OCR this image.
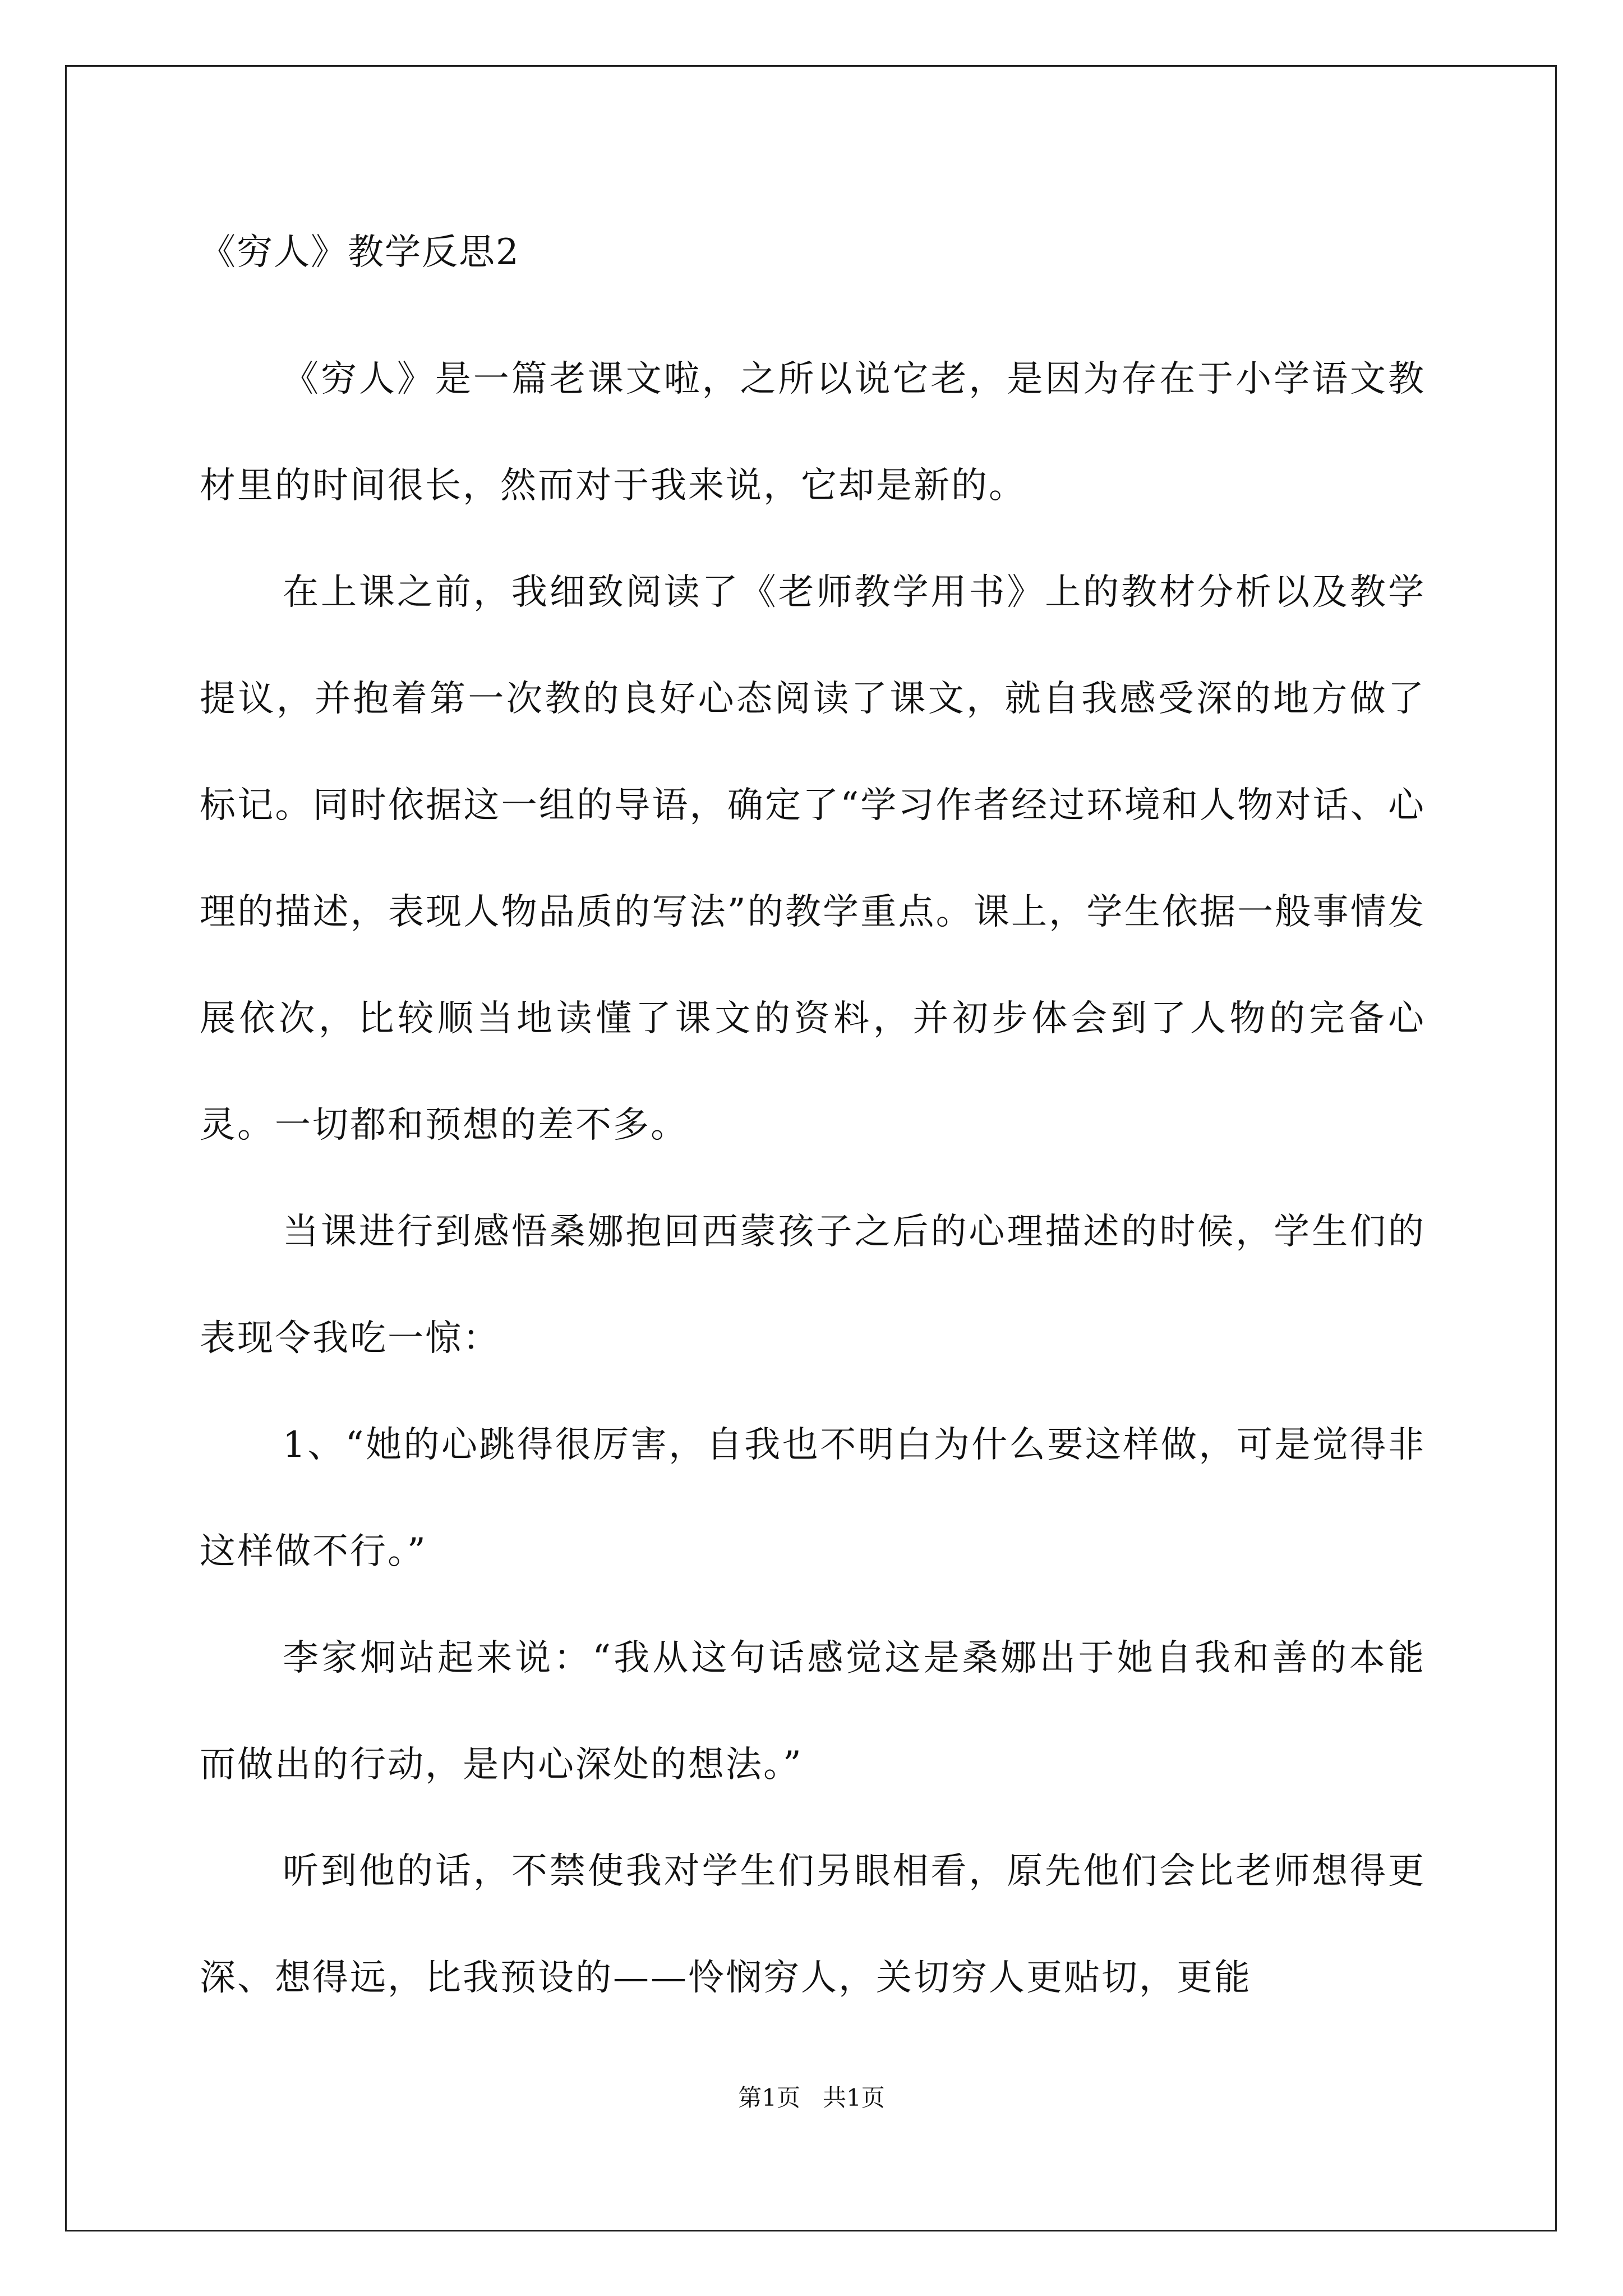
《穷人》教学反思2

《穷人》是一篇老课文啦，之所以说它老，是因为存在于小学语文教材里的时间很长，然而对于我来说，它却是新的。

在上课之前，我细致阅读了《老师教学用书》上的教材分析以及教学提议，并抱着第一次教的良好心态阅读了课文，就自我感受深的地方做了标记。同时依据这一组的导语，确定了“学习作者经过环境和人物对话、心理的描述，表现人物品质的写法”的教学重点。课上，学生依据一般事情发展依次，比较顺当地读懂了课文的资料，并初步体会到了人物的完备心灵。一切都和预想的差不多。

当课进行到感悟桑娜抱回西蒙孩子之后的心理描述的时候，学生们的表现令我吃一惊：

1、“她的心跳得很厉害，自我也不明白为什么要这样做，可是觉得非这样做不行。”

李家炯站起来说：“我从这句话感觉这是桑娜出于她自我和善的本能而做出的行动，是内心深处的想法。”

听到他的话，不禁使我对学生们另眼相看，原先他们会比老师想得更深、想得远，比我预设的——怜悯穷人，关切穷人更贴切，更能

第1页   共1页
